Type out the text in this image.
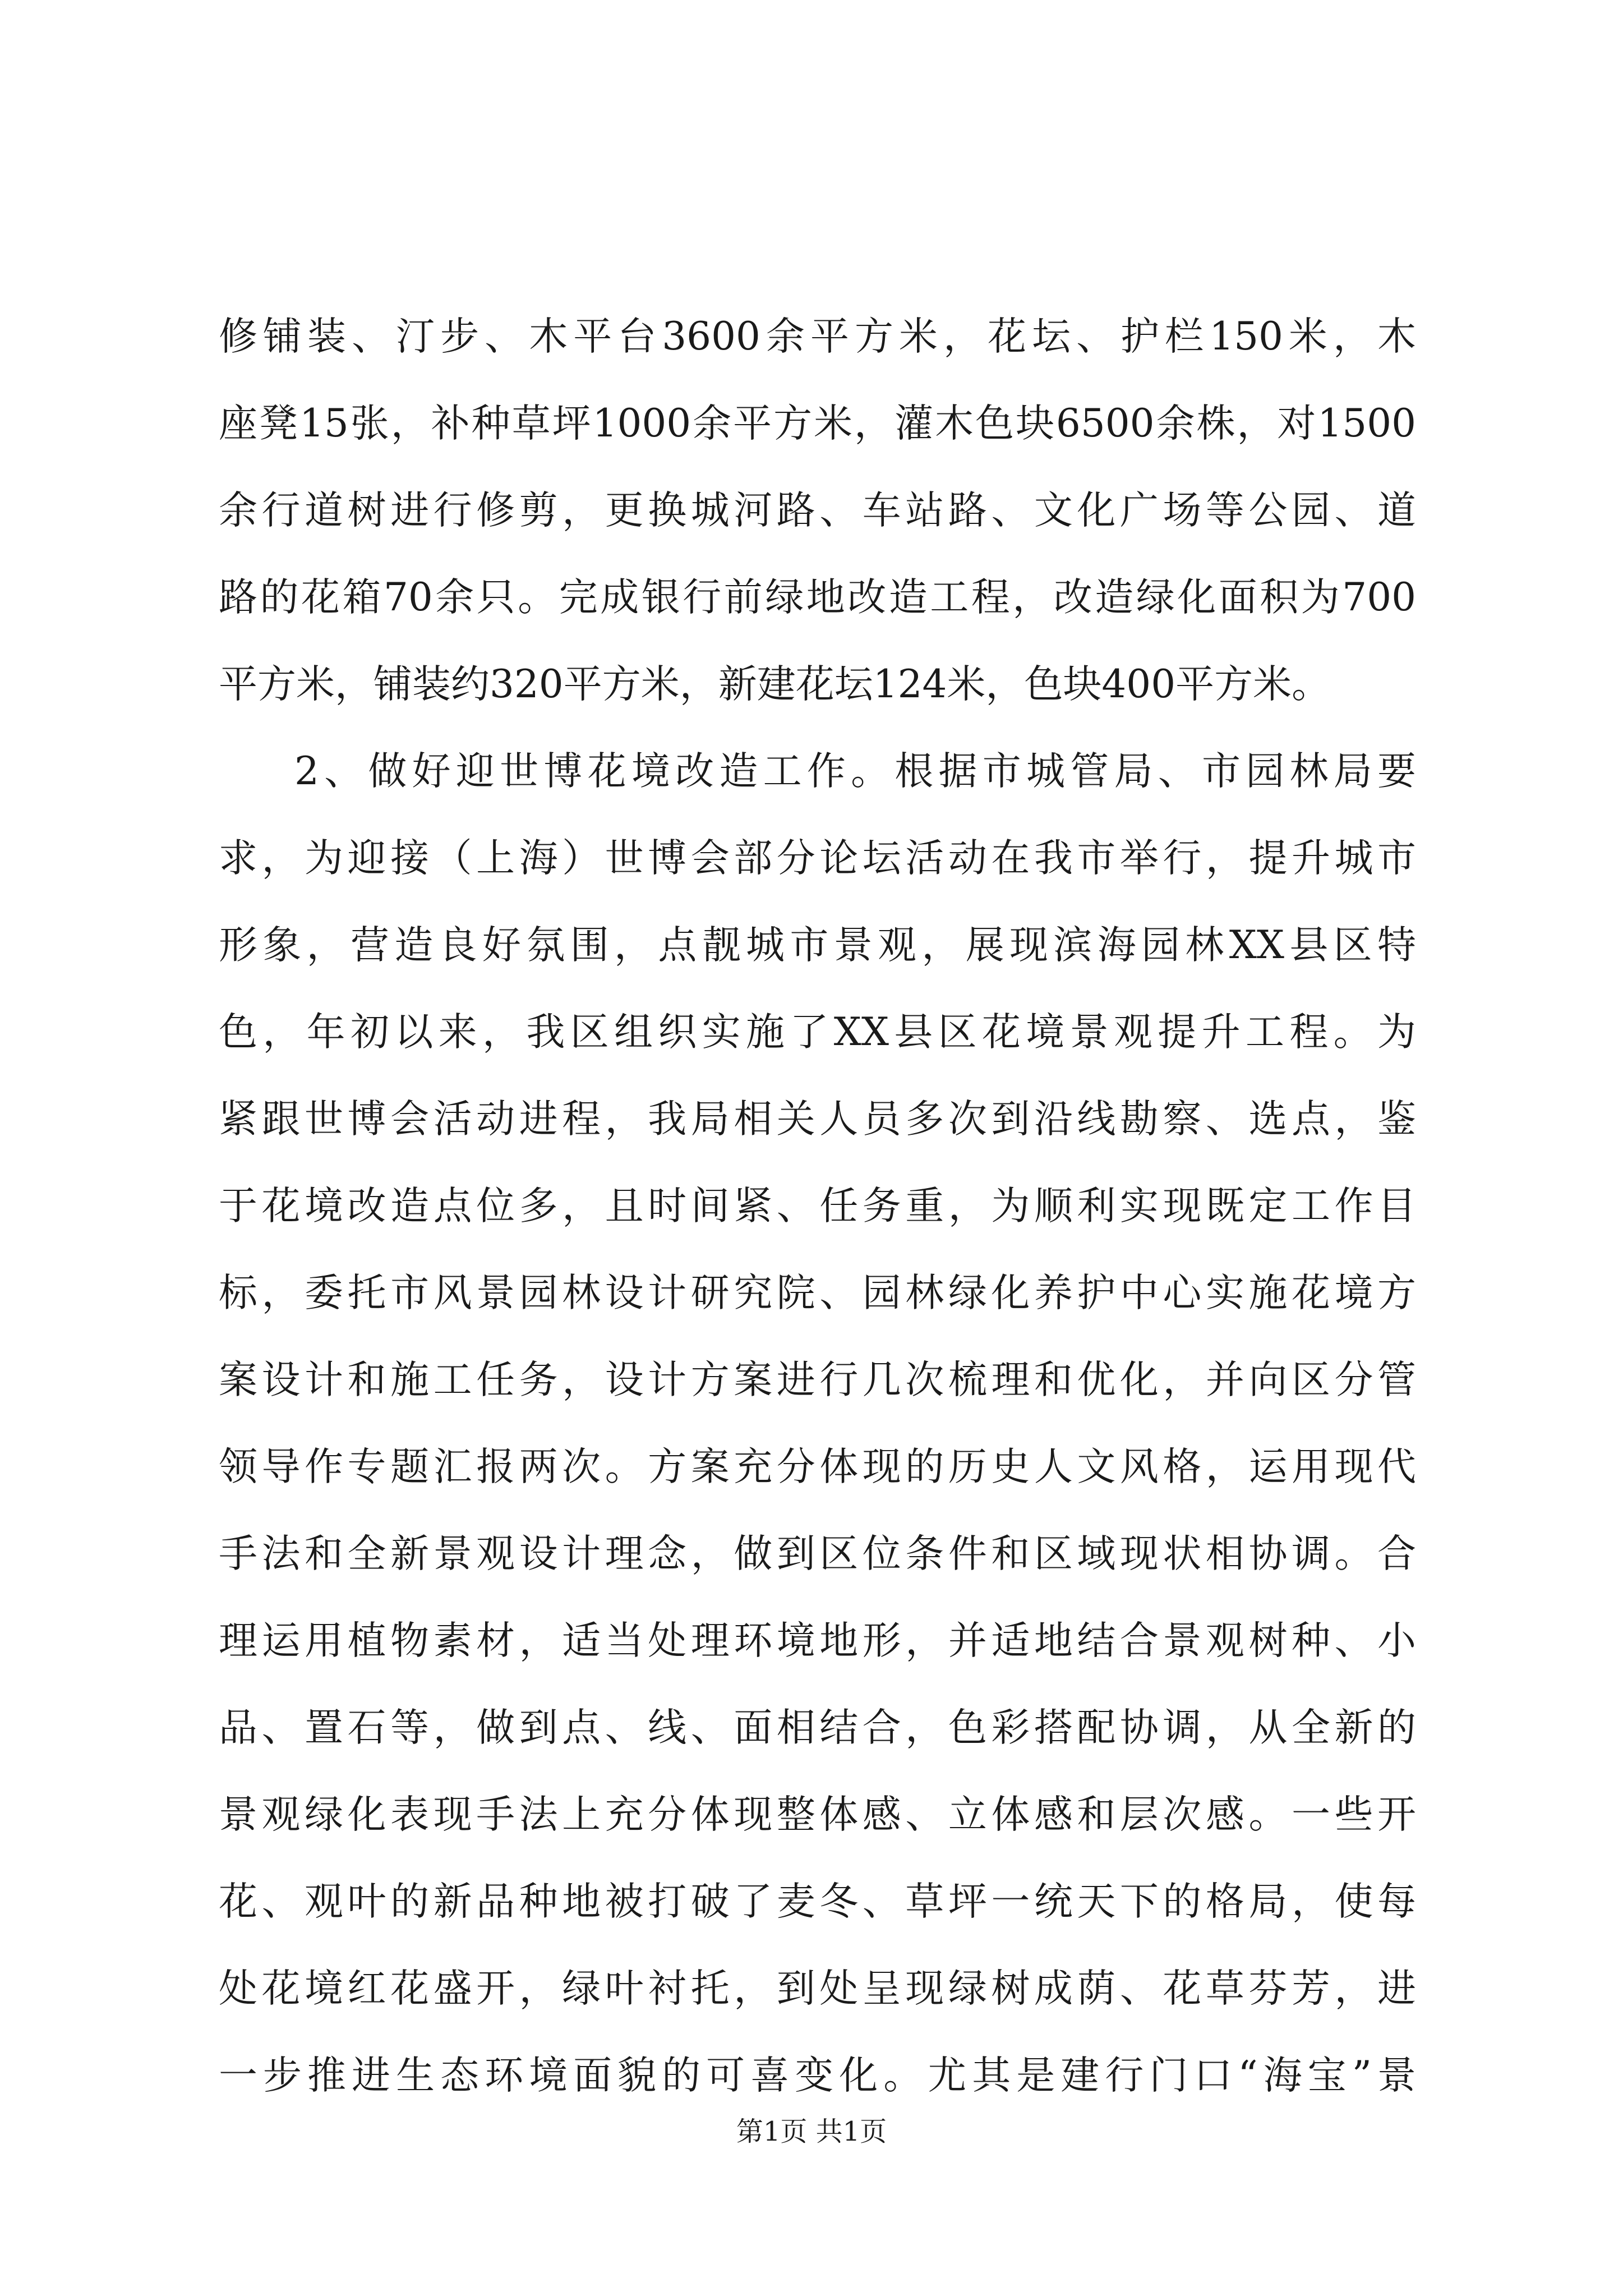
修铺装、汀步、木平台3600余平方米，花坛、护栏150米，木
座凳15张，补种草坪1000余平方米，灌木色块6500余株，对1500
余行道树进行修剪，更换城河路、车站路、文化广场等公园、道
路的花箱70余只。完成银行前绿地改造工程，改造绿化面积为700
平方米，铺装约320平方米，新建花坛124米，色块400平方米。
2、做好迎世博花境改造工作。根据市城管局、市园林局要
求，为迎接（上海）世博会部分论坛活动在我市举行，提升城市
形象，营造良好氛围，点靓城市景观，展现滨海园林XX县区特
色，年初以来，我区组织实施了XX县区花境景观提升工程。为
紧跟世博会活动进程，我局相关人员多次到沿线勘察、选点，鉴
于花境改造点位多，且时间紧、任务重，为顺利实现既定工作目
标，委托市风景园林设计研究院、园林绿化养护中心实施花境方
案设计和施工任务，设计方案进行几次梳理和优化，并向区分管
领导作专题汇报两次。方案充分体现的历史人文风格，运用现代
手法和全新景观设计理念，做到区位条件和区域现状相协调。合
理运用植物素材，适当处理环境地形，并适地结合景观树种、小
品、置石等，做到点、线、面相结合，色彩搭配协调，从全新的
景观绿化表现手法上充分体现整体感、立体感和层次感。一些开
花、观叶的新品种地被打破了麦冬、草坪一统天下的格局，使每
处花境红花盛开，绿叶衬托，到处呈现绿树成荫、花草芬芳，进
一步推进生态环境面貌的可喜变化。尤其是建行门口“海宝”景
第1页 共1页
